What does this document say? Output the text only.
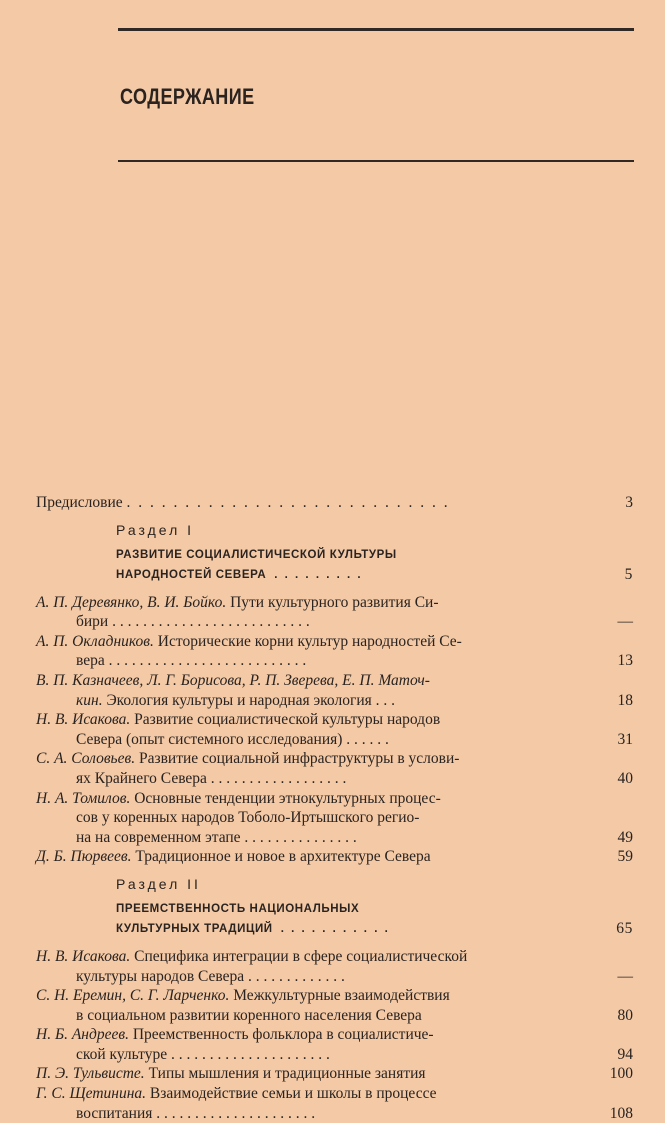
СОДЕРЖАНИЕ
Предисловие . . . . . . . . . . . . . . . . . . . . . . . . . . . .	3
Раздел I
РАЗВИТИЕ СОЦИАЛИСТИЧЕСКОЙ КУЛЬТУРЫ
НАРОДНОСТЕЙ СЕВЕРА . . . . . . . . .	5
А. П. Деревянко, В. И. Бойко. Пути культурного развития Си-
бири . . . . . . . . . . . . . . . . . . . . . . . . . .	—
А. П. Окладников. Исторические корни культур народностей Се-
вера . . . . . . . . . . . . . . . . . . . . . . . . . .	13
В. П. Казначеев, Л. Г. Борисова, Р. П. Зверева, Е. П. Маточ-
кин. Экология культуры и народная экология . . .	18
Н. В. Исакова. Развитие социалистической культуры народов
Севера (опыт системного исследования) . . . . . .	31
С. А. Соловьев. Развитие социальной инфраструктуры в услови-
ях Крайнего Севера . . . . . . . . . . . . . . . . . .	40
Н. А. Томилов. Основные тенденции этнокультурных процес-
сов у коренных народов Тоболо-Иртышского регио-
на на современном этапе . . . . . . . . . . . . . . .	49
Д. Б. Пюрвеев. Традиционное и новое в архитектуре Севера	59
Раздел II
ПРЕЕМСТВЕННОСТЬ НАЦИОНАЛЬНЫХ
КУЛЬТУРНЫХ ТРАДИЦИЙ . . . . . . . . . . .	65
Н. В. Исакова. Специфика интеграции в сфере социалистической
культуры народов Севера . . . . . . . . . . . . .	—
С. Н. Еремин, С. Г. Ларченко. Межкультурные взаимодействия
в социальном развитии коренного населения Севера	80
Н. Б. Андреев. Преемственность фольклора в социалистиче-
ской культуре . . . . . . . . . . . . . . . . . . . . .	94
П. Э. Тульвисте. Типы мышления и традиционные занятия	100
Г. С. Щетинина. Взаимодействие семьи и школы в процессе
воспитания . . . . . . . . . . . . . . . . . . . . .	108
